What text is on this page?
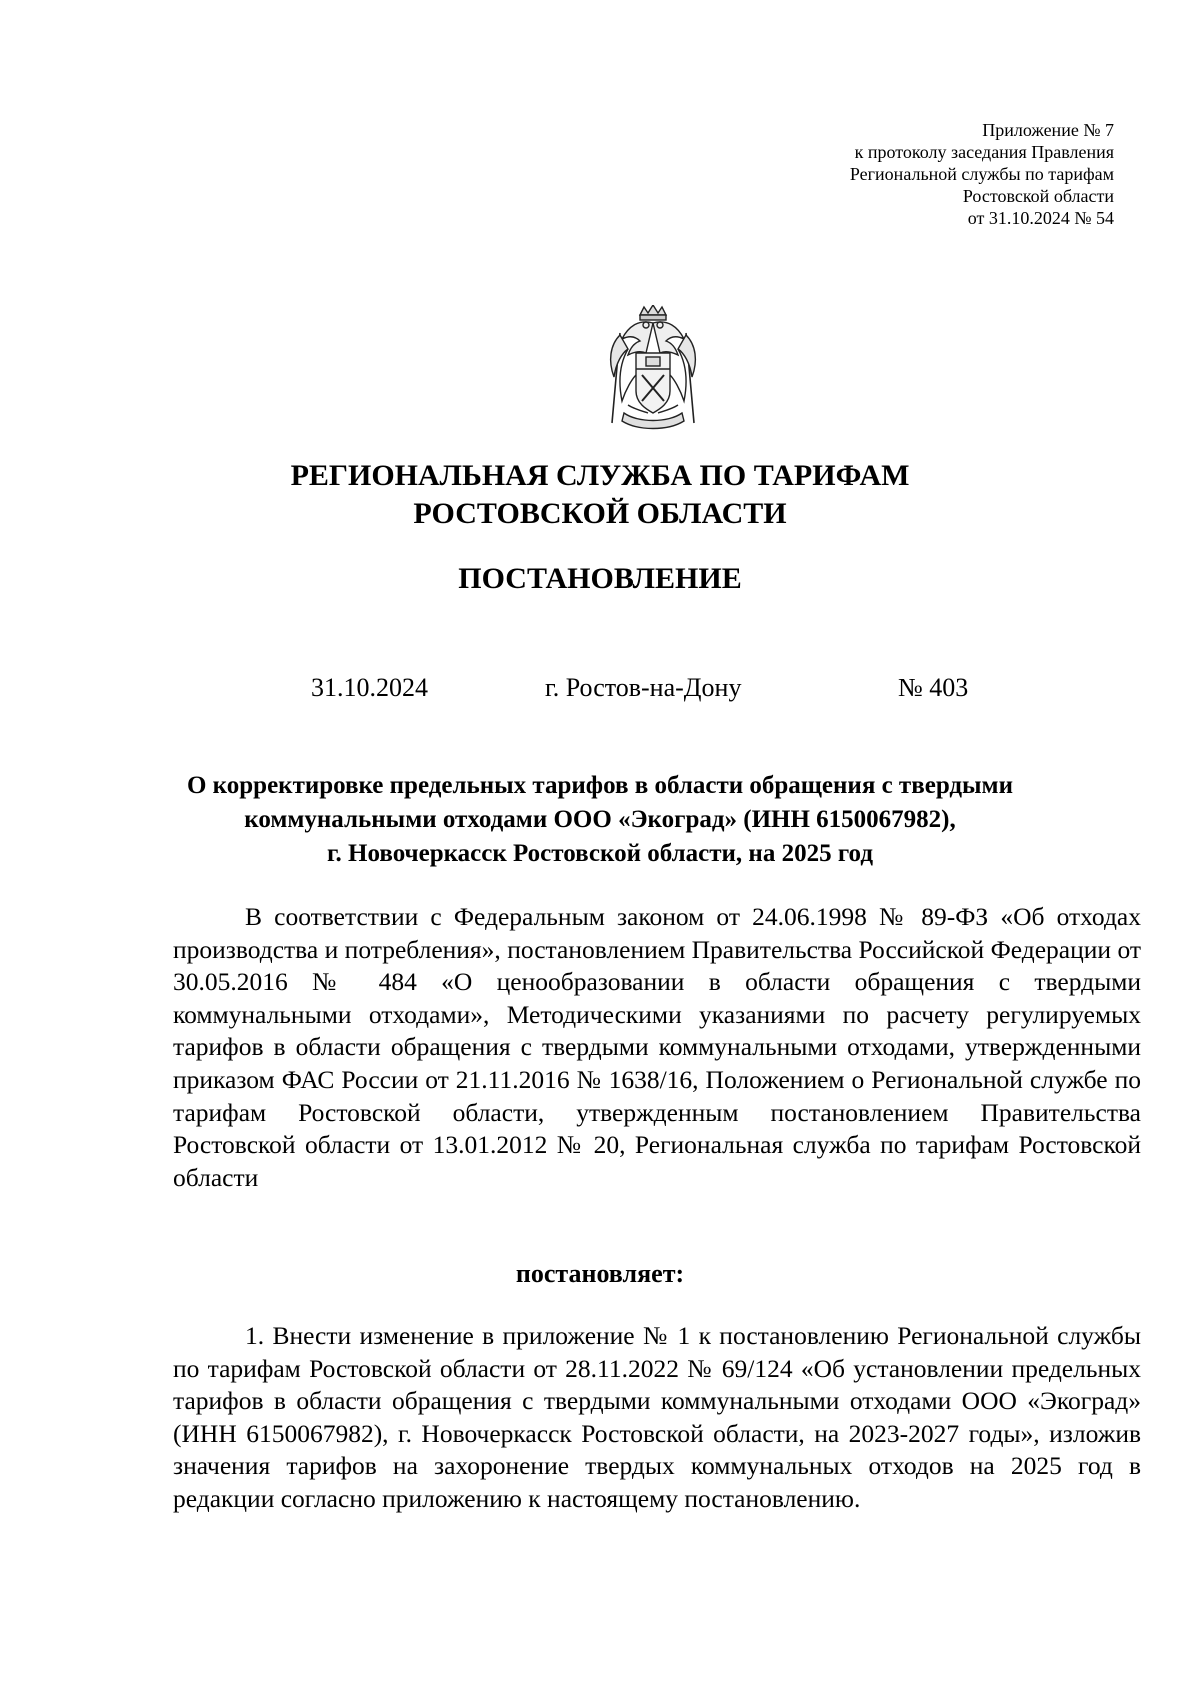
Приложение № 7
к протоколу заседания Правления
Региональной службы по тарифам
Ростовской области
от 31.10.2024 № 54
РЕГИОНАЛЬНАЯ СЛУЖБА ПО ТАРИФАМ
РОСТОВСКОЙ ОБЛАСТИ
ПОСТАНОВЛЕНИЕ
31.10.2024	г. Ростов-на-Дону	№ 403
О корректировке предельных тарифов в области обращения с твердыми
коммунальными отходами ООО «Экоград» (ИНН 6150067982),
г. Новочеркасск Ростовской области, на 2025 год
В соответствии с Федеральным законом от 24.06.1998 № 89-ФЗ «Об отходах производства и потребления», постановлением Правительства Российской Федерации от 30.05.2016 № 484 «О ценообразовании в области обращения с твердыми коммунальными отходами», Методическими указаниями по расчету регулируемых тарифов в области обращения с твердыми коммунальными отходами, утвержденными приказом ФАС России от 21.11.2016 № 1638/16, Положением о Региональной службе по тарифам Ростовской области, утвержденным постановлением Правительства Ростовской области от 13.01.2012 № 20, Региональная служба по тарифам Ростовской области
постановляет:
1. Внести изменение в приложение № 1 к постановлению Региональной службы по тарифам Ростовской области от 28.11.2022 № 69/124 «Об установлении предельных тарифов в области обращения с твердыми коммунальными отходами ООО «Экоград» (ИНН 6150067982), г. Новочеркасск Ростовской области, на 2023-2027 годы», изложив значения тарифов на захоронение твердых коммунальных отходов на 2025 год в редакции согласно приложению к настоящему постановлению.
